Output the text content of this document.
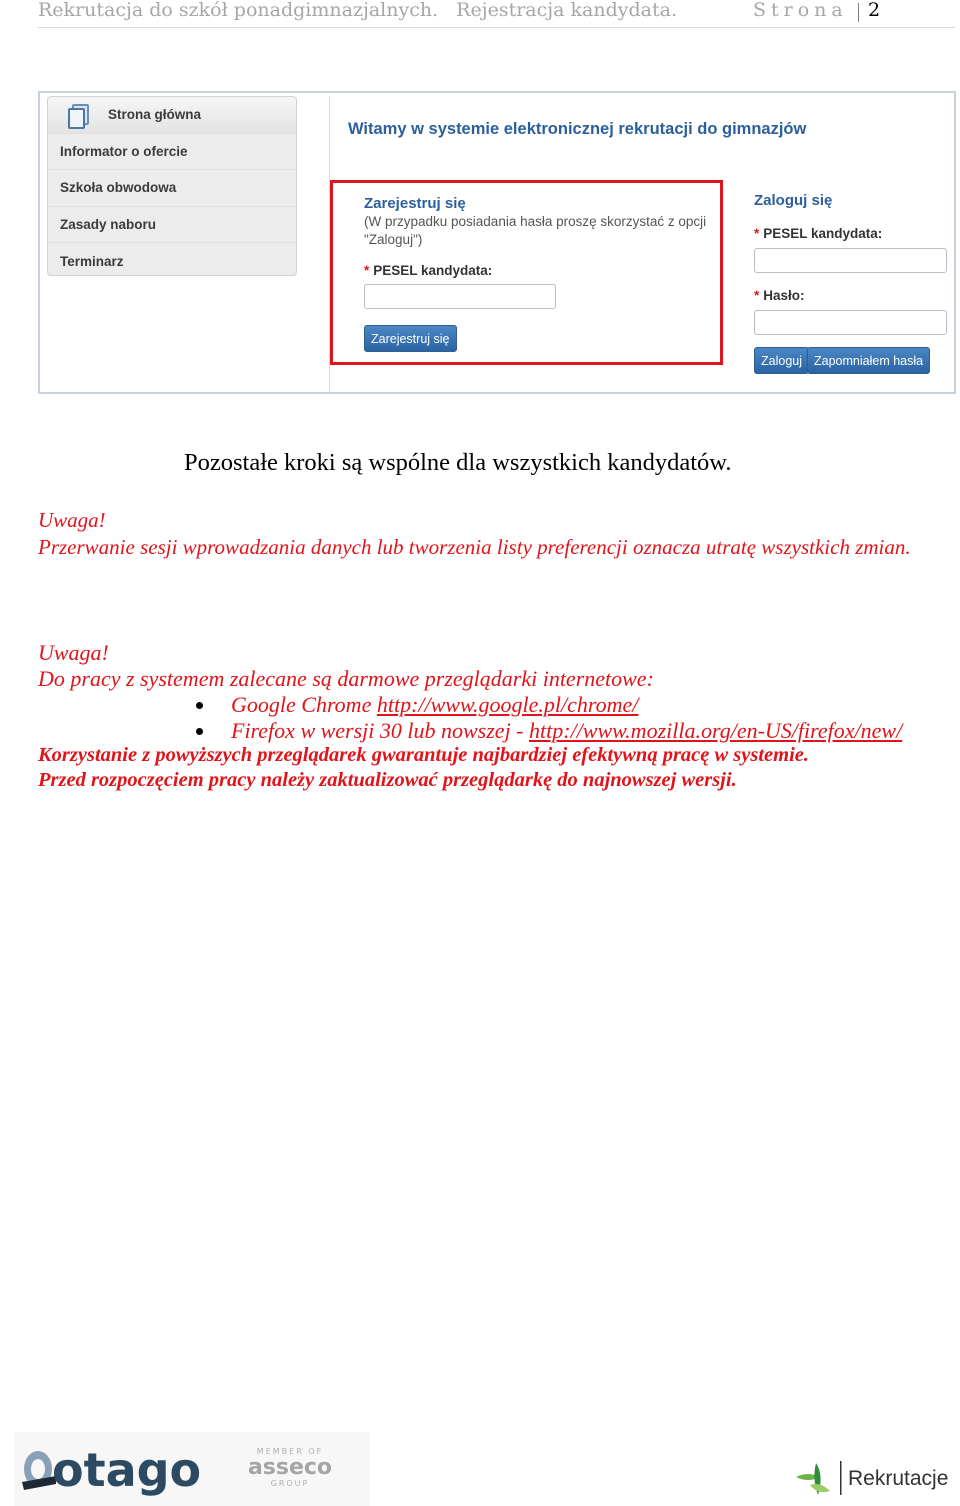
Rekrutacja do szkół ponadgimnazjalnych. Rejestracja kandydata.	Strona 2
Strona główna
Informator o ofercie
Szkoła obwodowa
Zasady naboru
Terminarz
Witamy w systemie elektronicznej rekrutacji do gimnazjów
Zarejestruj się
(W przypadku posiadania hasła proszę skorzystać z opcji "Zaloguj")
* PESEL kandydata:
Zarejestruj się
Zaloguj się
* PESEL kandydata:
* Hasło:
Zaloguj Zapomniałem hasła
Pozostałe kroki są wspólne dla wszystkich kandydatów.
Uwaga!
Przerwanie sesji wprowadzania danych lub tworzenia listy preferencji oznacza utratę wszystkich zmian.
Uwaga!
Do pracy z systemem zalecane są darmowe przeglądarki internetowe:
Google Chrome http://www.google.pl/chrome/
Firefox w wersji 30 lub nowszej - http://www.mozilla.org/en-US/firefox/new/
Korzystanie z powyższych przeglądarek gwarantuje najbardziej efektywną pracę w systemie.
Przed rozpoczęciem pracy należy zaktualizować przeglądarkę do najnowszej wersji.
otago	MEMBER OF
asseco
GROUP	Rekrutacje
